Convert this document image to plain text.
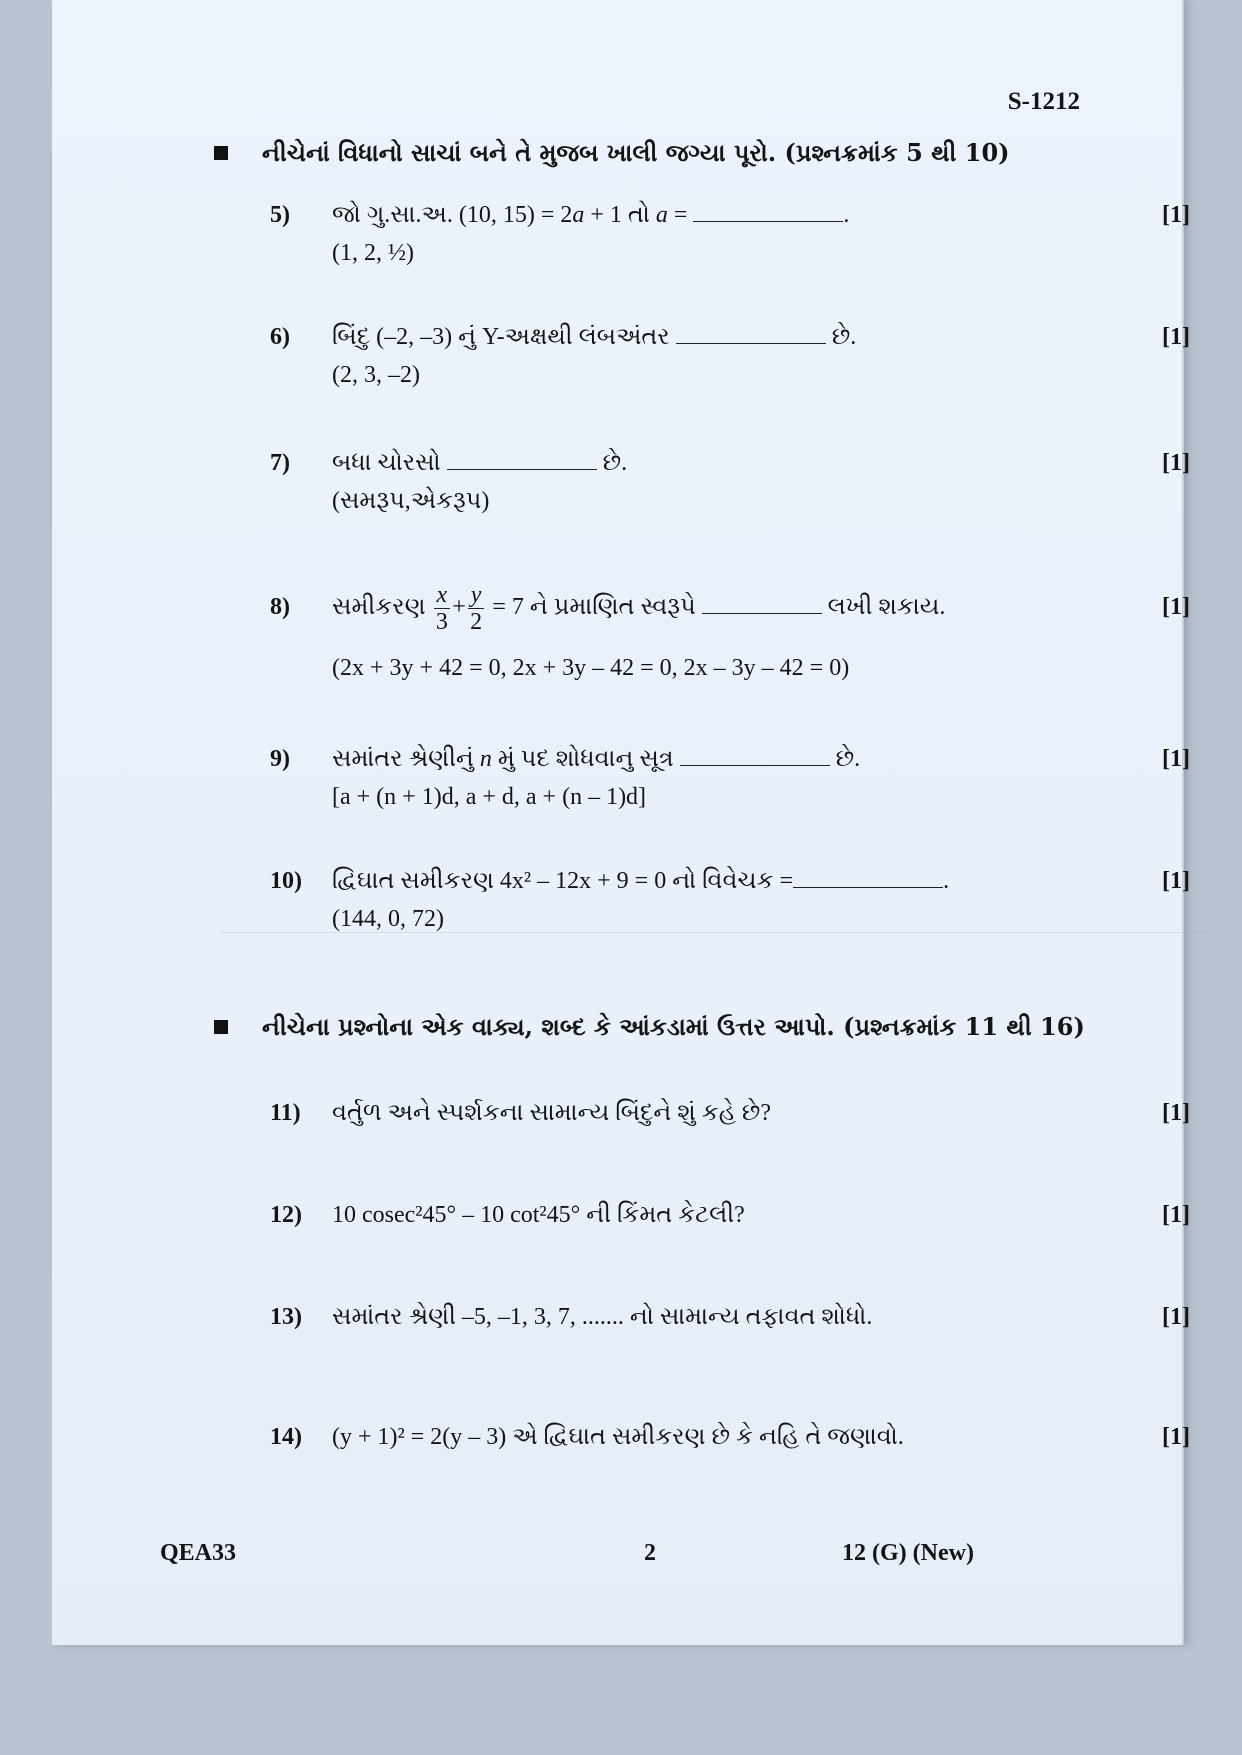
S-1212
નીચેનાં વિધાનો સાચાં બને તે મુજબ ખાલી જગ્યા પૂરો. (પ્રશ્નક્રમાંક 5 થી 10)
5) જો ગુ.સા.અ. (10, 15) = 2a + 1 તો a =	.
(1, 2, ½)
[1]
6) બિંદુ (–2, –3) નું Y-અક્ષથી લંબઅંતર	છે.
(2, 3, –2)
[1]
7) બધા ચોરસો	છે.
(સમરૂપ,એકરૂપ)
[1]
8) સમીકરણ $\frac{x}{3} + \frac{y}{2} = 7$ ને પ્રમાણિત સ્વરૂપે	લખી શકાય.
(2x + 3y + 42 = 0, 2x + 3y – 42 = 0, 2x – 3y – 42 = 0)
[1]
9) સમાંતર શ્રેણીનું n મું પદ શોધવાનુ સૂત્ર	છે.
[a + (n + 1)d, a + d, a + (n – 1)d]
[1]
10) દ્વિઘાત સમીકરણ 4x² – 12x + 9 = 0 નો વિવેચક =	.
(144, 0, 72)
[1]
નીચેના પ્રશ્નોના એક વાક્ય, શબ્દ કે આંકડામાં ઉત્તર આપો. (પ્રશ્નક્રમાંક 11 થી 16)
11) વર્તુળ અને સ્પર્શકના સામાન્ય બિંદુને શું કહે છે?	[1]
12) 10 cosec²45° – 10 cot²45° ની કિંમત કેટલી?	[1]
13) સમાંતર શ્રેણી –5, –1, 3, 7, ....... નો સામાન્ય તફાવત શોધો.	[1]
14) (y + 1)² = 2(y – 3) એ દ્વિઘાત સમીકરણ છે કે નહિ તે જણાવો.	[1]
QEA33	2	12 (G) (New)
